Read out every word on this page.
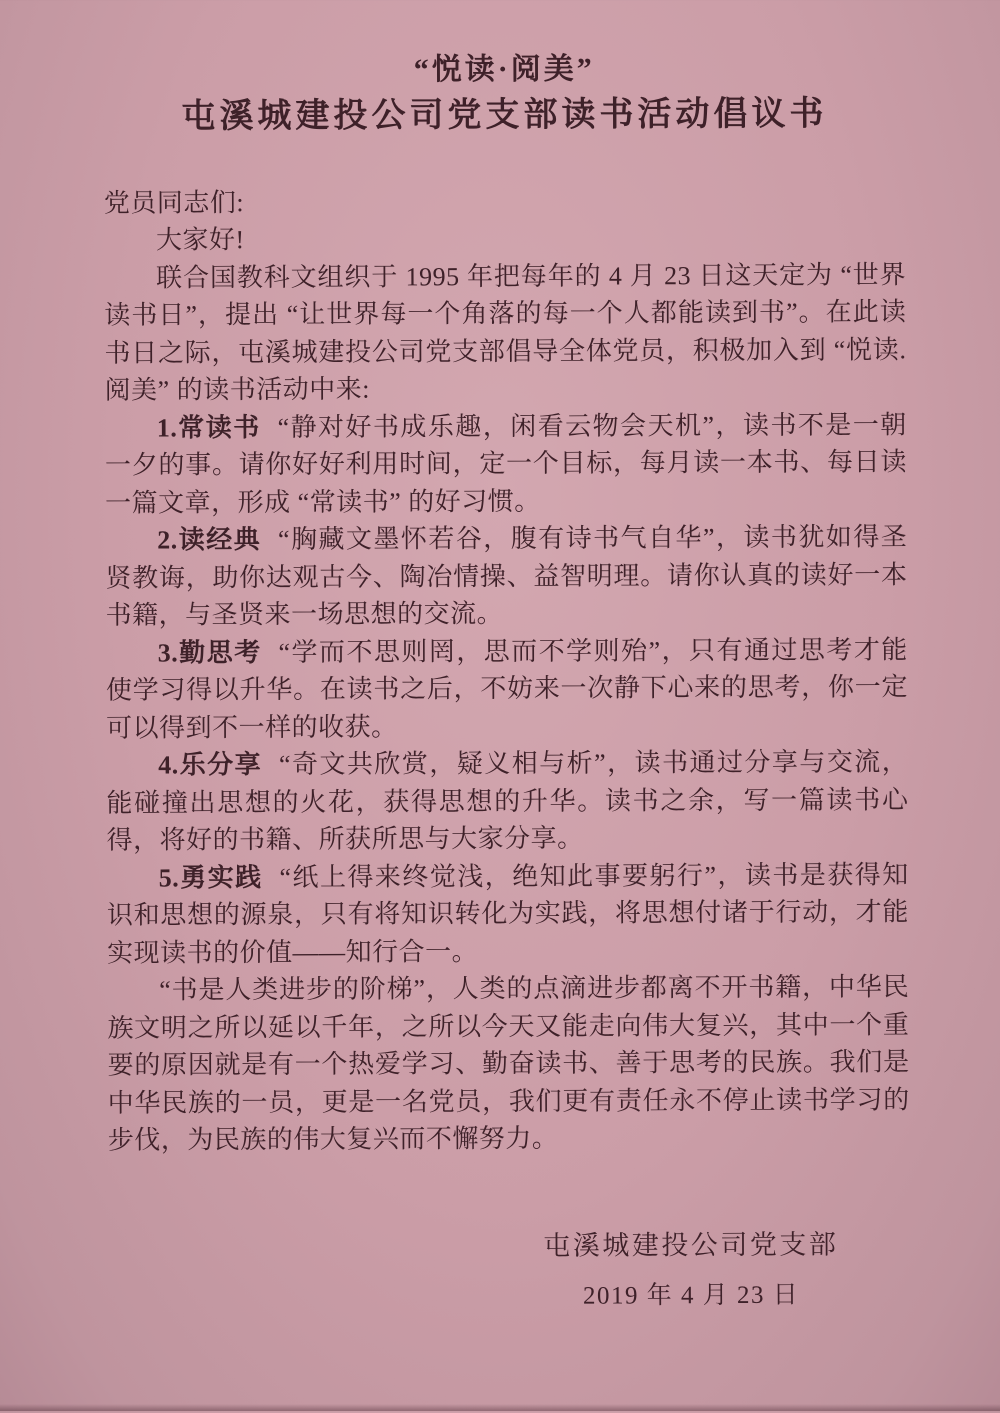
“悦读·阅美”
屯溪城建投公司党支部读书活动倡议书

党员同志们:

大家好!

联合国教科文组织于 1995 年把每年的 4 月 23 日这天定为 “世界读书日”，提出 “让世界每一个角落的每一个人都能读到书”。在此读书日之际，屯溪城建投公司党支部倡导全体党员，积极加入到 “悦读. 阅美” 的读书活动中来:

1.常读书 “静对好书成乐趣，闲看云物会天机”，读书不是一朝一夕的事。请你好好利用时间，定一个目标，每月读一本书、每日读一篇文章，形成 “常读书” 的好习惯。

2.读经典 “胸藏文墨怀若谷，腹有诗书气自华”，读书犹如得圣贤教诲，助你达观古今、陶冶情操、益智明理。请你认真的读好一本书籍，与圣贤来一场思想的交流。

3.勤思考 “学而不思则罔，思而不学则殆”，只有通过思考才能使学习得以升华。在读书之后，不妨来一次静下心来的思考，你一定可以得到不一样的收获。

4.乐分享 “奇文共欣赏，疑义相与析”，读书通过分享与交流，能碰撞出思想的火花，获得思想的升华。读书之余，写一篇读书心得，将好的书籍、所获所思与大家分享。

5.勇实践 “纸上得来终觉浅，绝知此事要躬行”，读书是获得知识和思想的源泉，只有将知识转化为实践，将思想付诸于行动，才能实现读书的价值——知行合一。

“书是人类进步的阶梯”，人类的点滴进步都离不开书籍，中华民族文明之所以延以千年，之所以今天又能走向伟大复兴，其中一个重要的原因就是有一个热爱学习、勤奋读书、善于思考的民族。我们是中华民族的一员，更是一名党员，我们更有责任永不停止读书学习的步伐，为民族的伟大复兴而不懈努力。

屯溪城建投公司党支部
2019 年 4 月 23 日
